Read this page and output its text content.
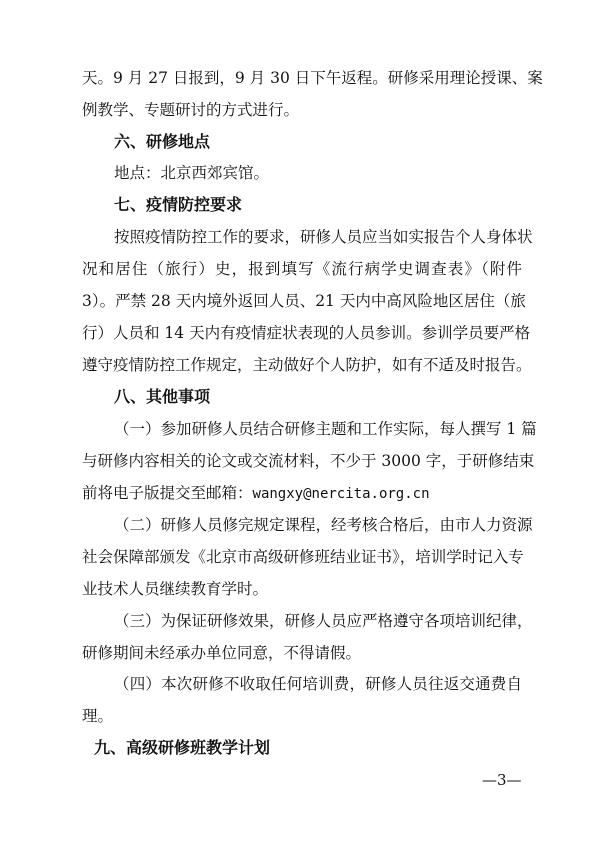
天。9 月 27 日报到，9 月 30 日下午返程。研修采用理论授课、案
例教学、专题研讨的方式进行。
六、研修地点
地点：北京西郊宾馆。
七、疫情防控要求
按照疫情防控工作的要求，研修人员应当如实报告个人身体状
况和居住（旅行）史，报到填写《流行病学史调查表》（附件
3）。严禁 28 天内境外返回人员、21 天内中高风险地区居住（旅
行）人员和 14 天内有疫情症状表现的人员参训。参训学员要严格
遵守疫情防控工作规定，主动做好个人防护，如有不适及时报告。
八、其他事项
（一）参加研修人员结合研修主题和工作实际，每人撰写 1 篇
与研修内容相关的论文或交流材料，不少于 3000 字，于研修结束
前将电子版提交至邮箱：wangxy@nercita.org.cn
（二）研修人员修完规定课程，经考核合格后，由市人力资源
社会保障部颁发《北京市高级研修班结业证书》，培训学时记入专
业技术人员继续教育学时。
（三）为保证研修效果，研修人员应严格遵守各项培训纪律，
研修期间未经承办单位同意，不得请假。
（四）本次研修不收取任何培训费，研修人员往返交通费自
理。
九、高级研修班教学计划
—3—
